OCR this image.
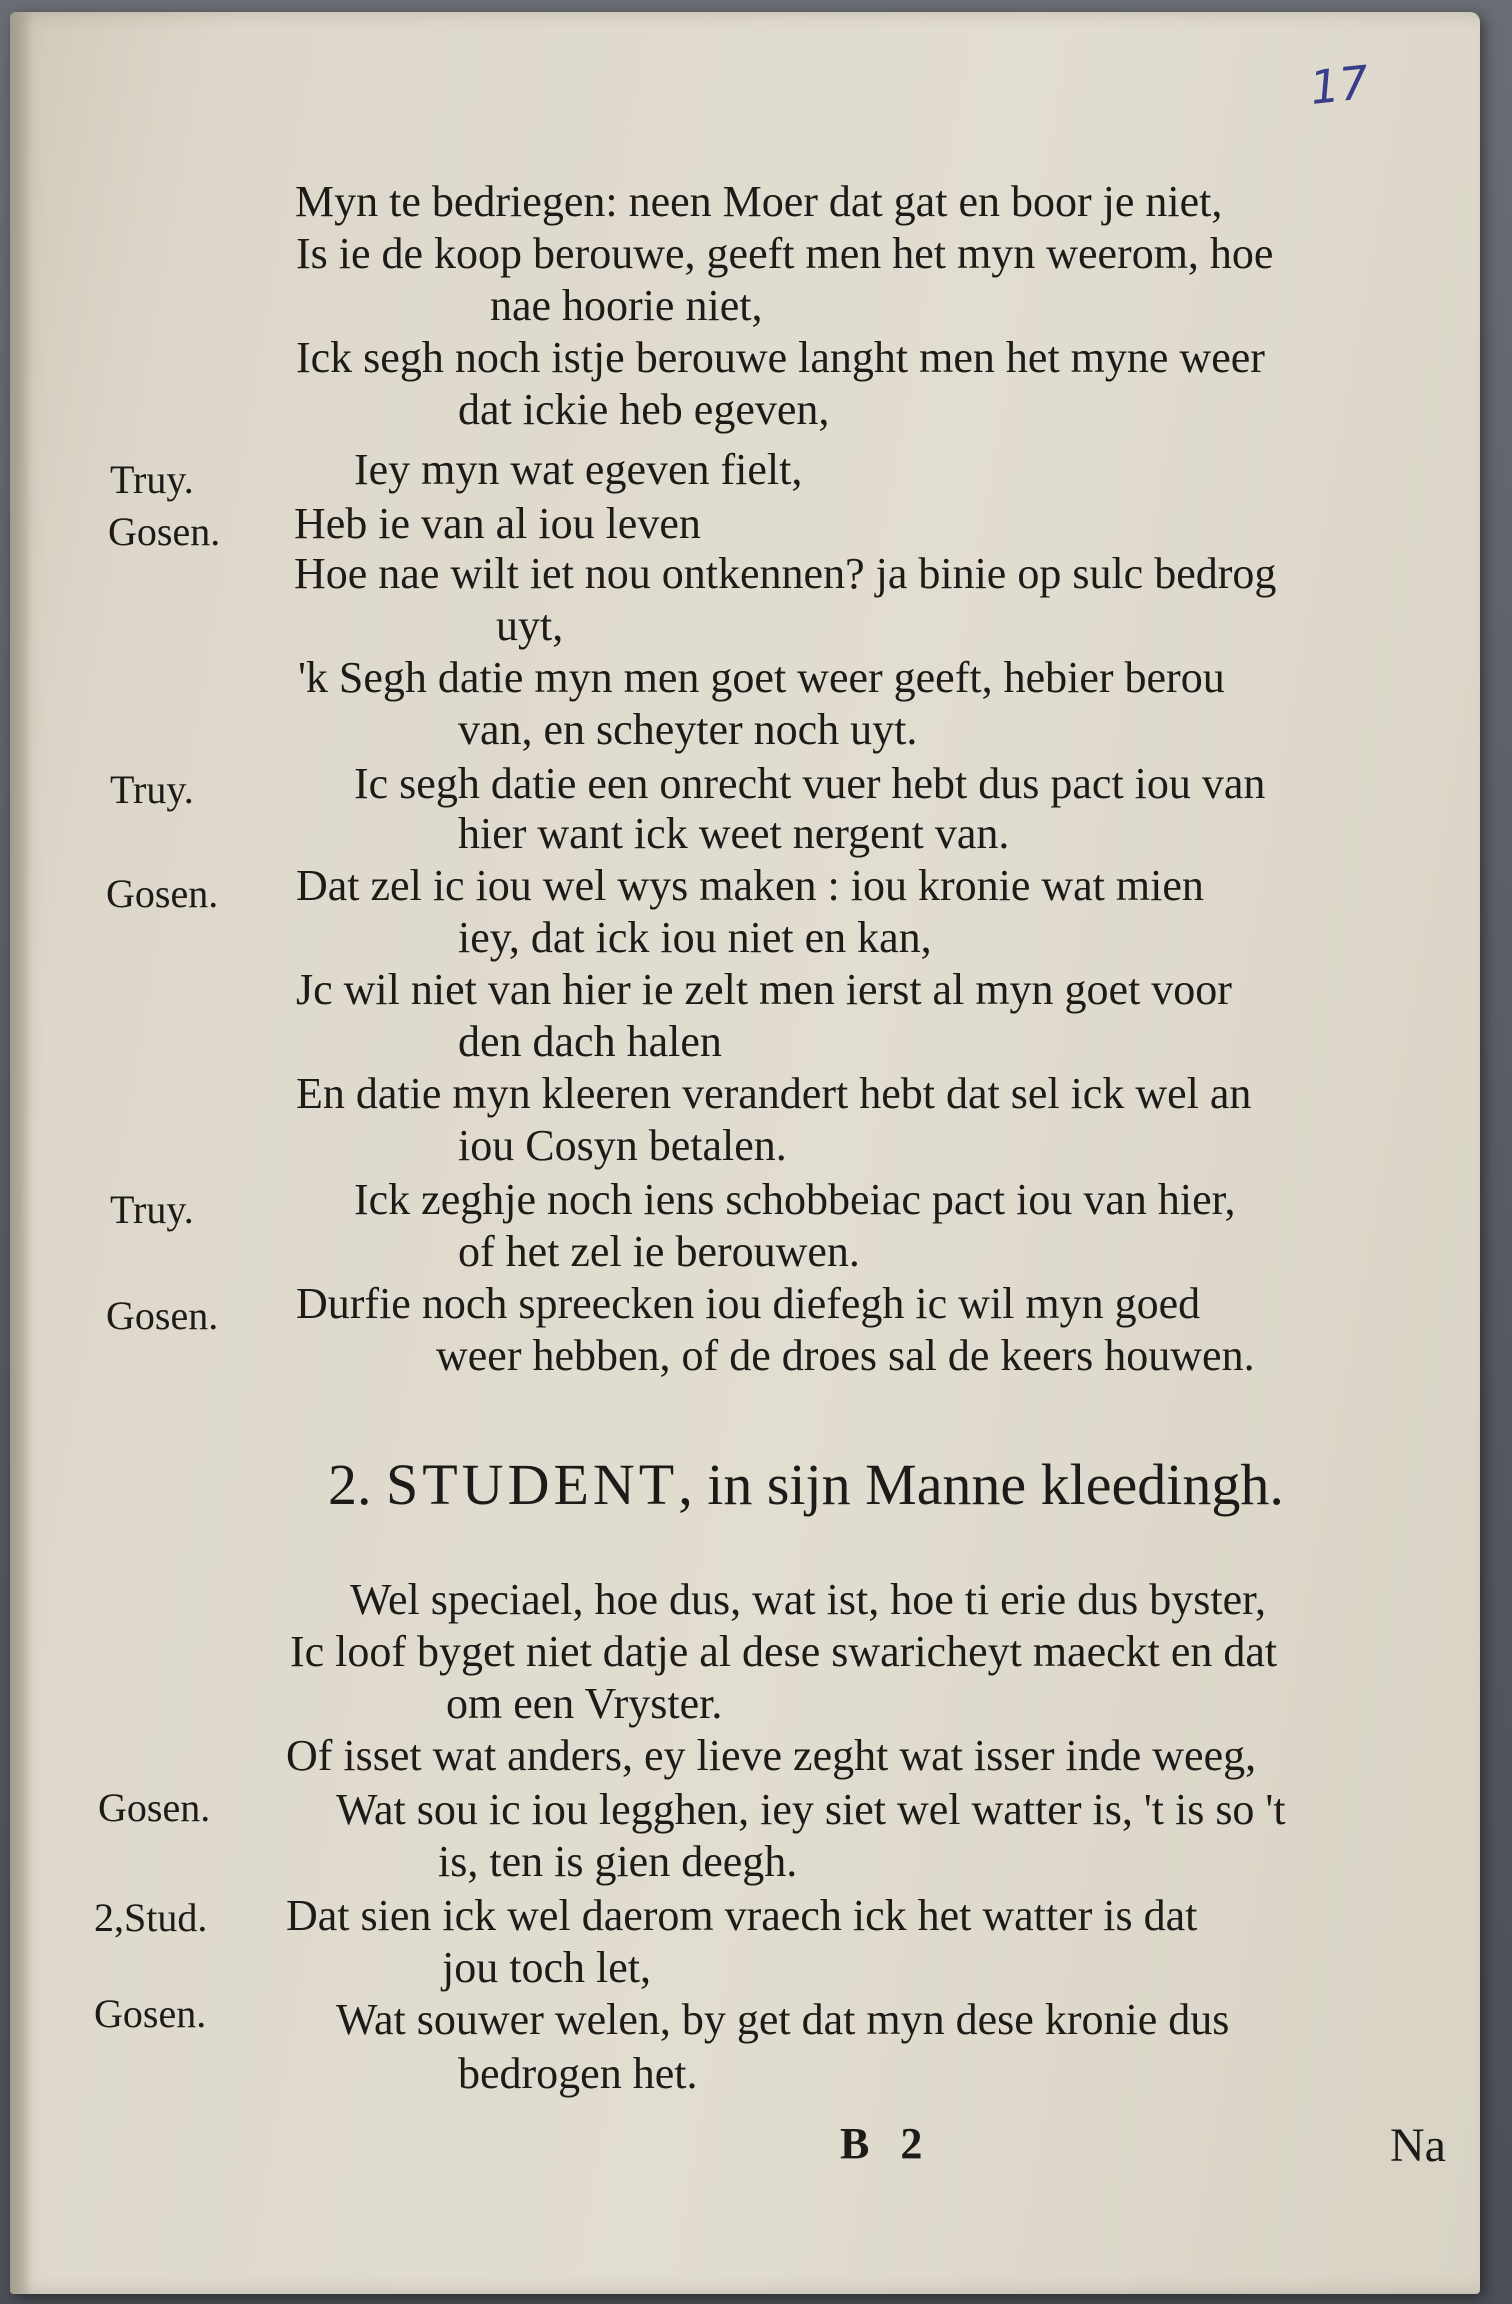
17
Truy.
Gosen.
Truy.
Gosen.
Truy.
Gosen.
Gosen.
2,Stud.
Gosen.
Myn te bedriegen: neen Moer dat gat en boor je niet,
Is ie de koop berouwe, geeft men het myn weerom, hoe
nae hoorie niet,
Ick segh noch istje berouwe langht men het myne weer
dat ickie heb egeven,
Iey myn wat egeven fielt,
Heb ie van al iou leven
Hoe nae wilt iet nou ontkennen? ja binie op sulc bedrog
uyt,
'k Segh datie myn men goet weer geeft, hebier berou
van, en scheyter noch uyt.
Ic segh datie een onrecht vuer hebt dus pact iou van
hier want ick weet nergent van.
Dat zel ic iou wel wys maken : iou kronie wat mien
iey, dat ick iou niet en kan,
Jc wil niet van hier ie zelt men ierst al myn goet voor
den dach halen
En datie myn kleeren verandert hebt dat sel ick wel an
iou Cosyn betalen.
Ick zeghje noch iens schobbeiac pact iou van hier,
of het zel ie berouwen.
Durfie noch spreecken iou diefegh ic wil myn goed
weer hebben, of de droes sal de keers houwen.
2. STUDENT, in sijn Manne kleedingh.
Wel speciael, hoe dus, wat ist, hoe ti erie dus byster,
Ic loof byget niet datje al dese swaricheyt maeckt en dat
om een Vryster.
Of isset wat anders, ey lieve zeght wat isser inde weeg,
Wat sou ic iou legghen, iey siet wel watter is, 't is so 't
is, ten is gien deegh.
Dat sien ick wel daerom vraech ick het watter is dat
jou toch let,
Wat souwer welen, by get dat myn dese kronie dus
bedrogen het.
B 2	Na
